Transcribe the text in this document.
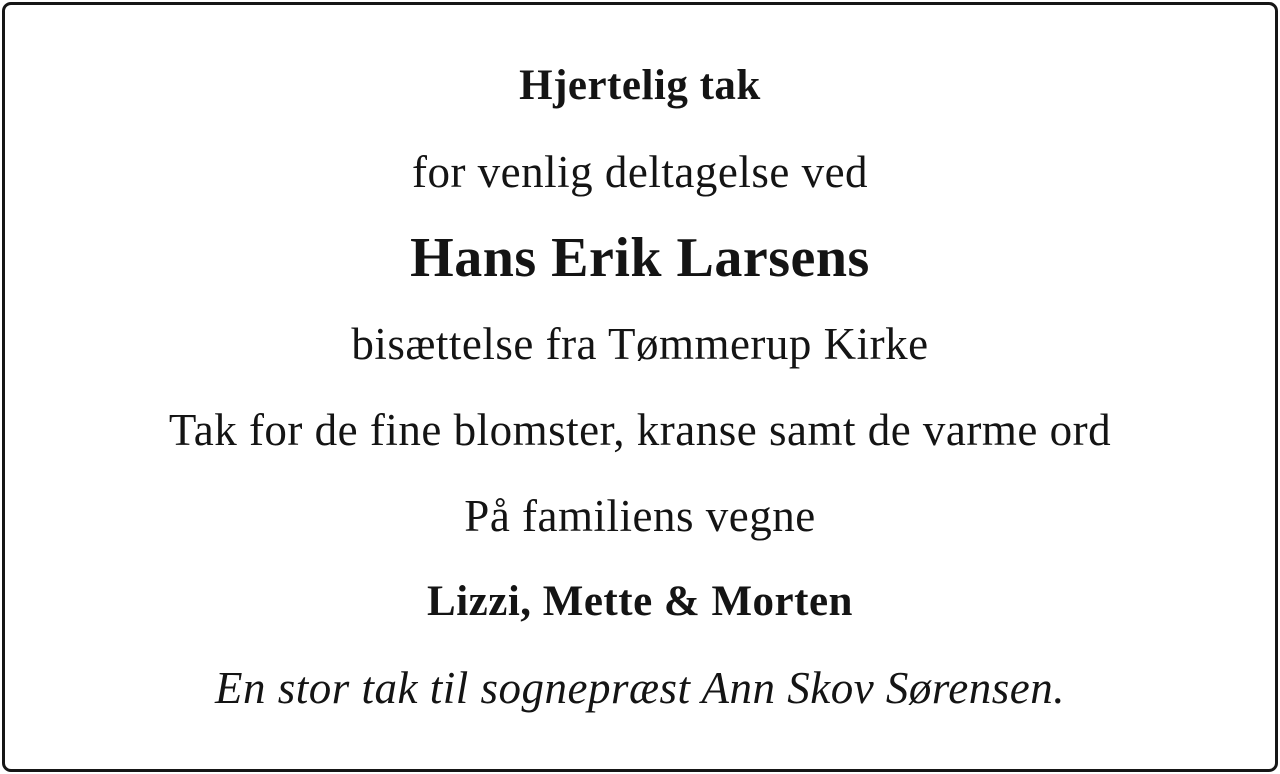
Hjertelig tak

for venlig deltagelse ved

Hans Erik Larsens

bisættelse fra Tømmerup Kirke

Tak for de fine blomster, kranse samt de varme ord

På familiens vegne

Lizzi, Mette & Morten

En stor tak til sognepræst Ann Skov Sørensen.
